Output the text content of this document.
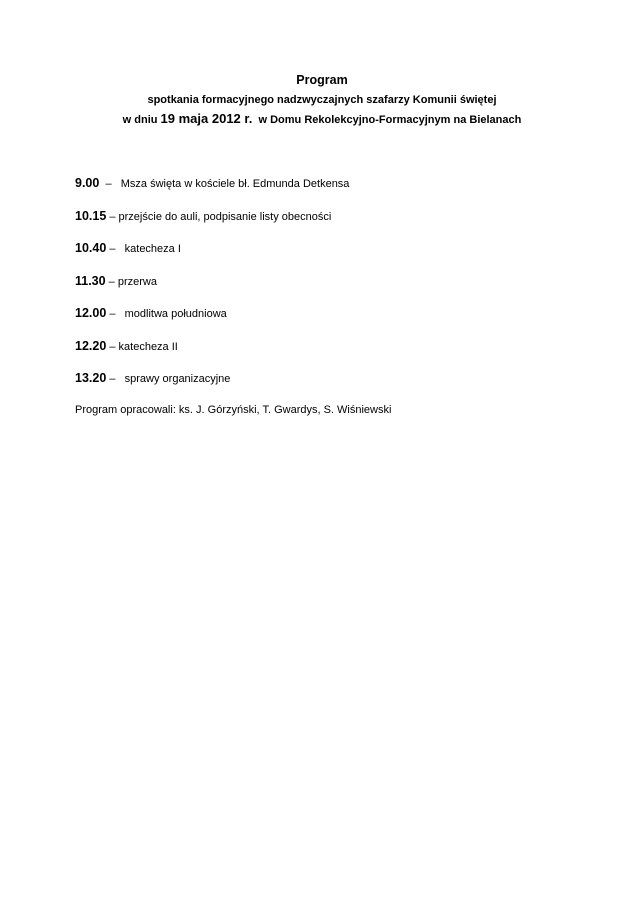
Program

spotkania formacyjnego nadzwyczajnych szafarzy Komunii świętej

w dniu 19 maja 2012 r. w Domu Rekolekcyjno-Formacyjnym na Bielanach

9.00 – Msza święta w kościele bł. Edmunda Detkensa
10.15 – przejście do auli, podpisanie listy obecności
10.40 – katecheza I
11.30 – przerwa
12.00 – modlitwa południowa
12.20 – katecheza II
13.20 – sprawy organizacyjne
Program opracowali: ks. J. Górzyński, T. Gwardys, S. Wiśniewski
